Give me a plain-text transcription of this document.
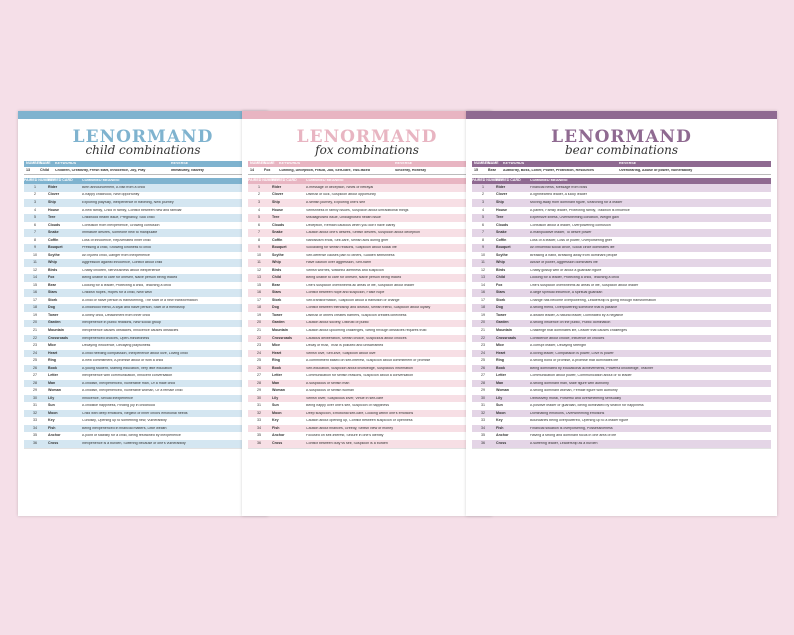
LENORMAND
child combinations
NUMBER
NAME	KEYWORDS	REVERSE
13	Child	Children, Creativity, Fresh start, Innocence, Joy, Play	Immaturity, Naivety
PAIRED NUMBER
PAIRED CARD	COMBINED MEANING
1	Rider	Birth announcement, A visit from a child
2	Clover	A happy childhood, New opportunity
3	Ship	Exploring playfully, Inexperience in traveling, New journey
4	House	A new family, Child in family, Conflict between new and familiar
5	Tree	Childhood health issue, Pregnancy, Sick child
6	Clouds	Confusion from inexperience, Growing confusion
7	Snake	Immature desires, Someone new to manipulate
8	Coffin	Loss of innocence, Rejuvenated inner child
9	Bouquet	Pressing a child, Showing kindness to child
10	Scythe	An injured child, Danger from inexperience
11	Whip	Aggression against innocence, Conflict about child
12	Birds	Chatty children, Nervousness about inexperience
14	Fox	Being unable to care for oneself, Naive person being tricked
15	Bear	Looking for a leader, Protecting a child, Teaching a child
16	Stars	Childish hopes, Hopes for a child, New wish
17	Stork	A child or naive person is transforming, The start of a new transformation
18	Dog	A childhood friend, A loyal and naive person, Start of a friendship
19	Tower	A lonely child, Detachment from inner child
20	Garden	Inexperience in public relations, New social group
21	Mountain	Inexperience causes obstacles, Innocence causes obstacles
22	Crossroads	Inexperienced choices, Open-mindedness
23	Mice	Decaying innocence, Decaying playfulness
24	Heart	A child needing compassion, Inexperience about love, Loving child
25	Ring	A new commitment, A promise about or with a child
26	Book	A young student, Starting education, Very little education
27	Letter	Inexperience with communication, Innocent conversation
28	Man	A childish, Inexperienced, Vulnerable man, Or a male child
29	Woman	A childish, Inexperienced, Vulnerable woman, Or a female child
30	Lily	Innocence, Sexual inexperience
31	Sun	A childlike happiness, Finding joy in childhood
32	Moon	Child with deep emotions, Neglect of inner child's emotional needs
33	Key	Curiosity, Opening up to something new, Vulnerability
34	Fish	Being inexperienced in financial matters, Little wealth
35	Anchor	A point of stability for a child, Being restrained by inexperience
36	Cross	Inexperience is a burden, Suffering because of one's vulnerability
LENORMAND
fox combinations
NUMBER
NAME	KEYWORDS	REVERSE
14	Fox	Cunning, Deception, Fraud, Job, Self-care, Two-faced	Sincerity, Honesty
PAIRED NUMBER
PAIRED CARD	COMBINED MEANING
1	Rider	A message of deception, News of betrayal
2	Clover	Distrust of luck, Suspicion about opportunity
3	Ship	A selfish journey, Exploring one's self
4	House	Selfishness in family issues, Suspicion about untraditional things
5	Tree	Misdiagnosed issue, Undiagnosed health issue
6	Clouds	Deception, Remain cautious when you don't have clarity
7	Snake	Caution about one's desires, Selfish desires, Suspicion about deception
8	Coffin	Narcissism ends, Self-care, Selfish acts during grief
9	Bouquet	Socializing for selfish reasons, Suspicion about social life
10	Scythe	Self-defense causes pain to others, Sudden selfishness
11	Whip	Have caution over aggression, Self-harm
12	Birds	Selfish worries, Watchful alertness and suspicion
13	Child	Being unable to care for oneself, Naive person being tricked
15	Bear	One's suspicion overwhelms all areas of life, Suspicion about leader
16	Stars	Conflict between hope and suspicion, False hope
17	Stork	Self-transformation, Suspicion about a transition or change
18	Dog	Conflict between friendship and distrust, Selfish friend, Suspicion about loyalty
19	Tower	Distrust of others creates barriers, Suspicion creates loneliness
20	Garden	Caution about society, Distrust of public
21	Mountain	Caution about upcoming challenges, Sifting through obstacles requires trust
22	Crossroads	Cautious deliberation, Selfish choice, Suspicious about choices
23	Mice	Decay of trust, Trust is polluted and unwarranted
24	Heart	Selfish love, Self-love, Suspicion about love
25	Ring	A commitment based on self-interest, Suspicion about commitment or promise
26	Book	Self-education, Suspicion about knowledge, Suspicious information
27	Letter	Communication for selfish reasons, Suspicion about a conversation
28	Man	A suspicious or selfish man
29	Woman	A suspicious or selfish woman
30	Lily	Selfish lover, Suspicious lover, Virtue in self-care
31	Sun	Being happy over one's self, Suspicion of happiness
32	Moon	Deep suspicion, Emotional self-care, Looking within one's emotions
33	Key	Caution about opening up, Conflict between suspicion or openness
34	Fish	Caution about finances, Greedy, Selfish view of money
35	Anchor	Focused on self-interest, Secure in one's identity
36	Cross	Conflict between duty vs self, Suspicion is a burden
LENORMAND
bear combinations
NUMBER
NAME	KEYWORDS	REVERSE
15	Bear	Authority, Boss, Loner, Power, Protection, Resources	Overbearing, Abuse of power, Vulnerability
PAIRED NUMBER
PAIRED CARD	COMBINED MEANING
1	Rider	Financial news, Message from boss
2	Clover	A lighthearted leader, A lucky leader
3	Ship	Moving away from dominant figure, Searching for a leader
4	House	A parent, Family leader, Protecting family, Tradition is influence
5	Tree	Expensive illness, Overwhelming condition, Weight gain
6	Clouds	Confusion about a leader, Overpowering confusion
7	Snake	A manipulative leader, To desire power
8	Coffin	Loss of a leader, Loss of power, Overpowering grief
9	Bouquet	An influential social circle, Social circle dominates life
10	Scythe	Breaking a habit, Breaking away from dominant people
11	Whip	Abuse of power, Aggression dominates life
12	Birds	Chatty gossip with or about a guardian figure
13	Child	Looking for a leader, Protecting a child, Teaching a child
14	Fox	One's suspicion overwhelms all areas of life, Suspicion about leader
16	Stars	A large spiritual influence, A spiritual guardian
17	Stork	Change has become overpowering, Leadership is going through transformation
18	Dog	A strong friend, Overpowering someone that is passive
19	Tower	A distant leader, A natural leader, Dominated by a negative
20	Garden	A strong influence on the public, Public domination
21	Mountain	Challenge that dominates life, Leader that causes challenges
22	Crossroads	Confidence about choice, Influence on choices
23	Mice	A corrupt leader, Decaying strength
24	Heart	A loving leader, Compassion is power, Love is power
25	Ring	A strong bond or promise, A promise that dominates life
26	Book	Being dominated by educational achievements, Powerful knowledge, Teacher
27	Letter	Communication about power, Communication about or to leader
28	Man	A strong dominant man, Male figure with authority
29	Woman	A strong dominant woman, Female figure with authority
30	Lily	Obtrusively moral, Powerful and overwhelming sensuality
31	Sun	A positive leader or guardian, Being dominated by search for happiness
32	Moon	Dominating emotions, Overwhelming emotions
33	Key	Boundaries being overpowered, Opening up to a leader figure
34	Fish	Financial situation is overpowering, Possessiveness
35	Anchor	Having a strong and dominant focus in one area of life
36	Cross	A suffering leader, Leadership as a burden
